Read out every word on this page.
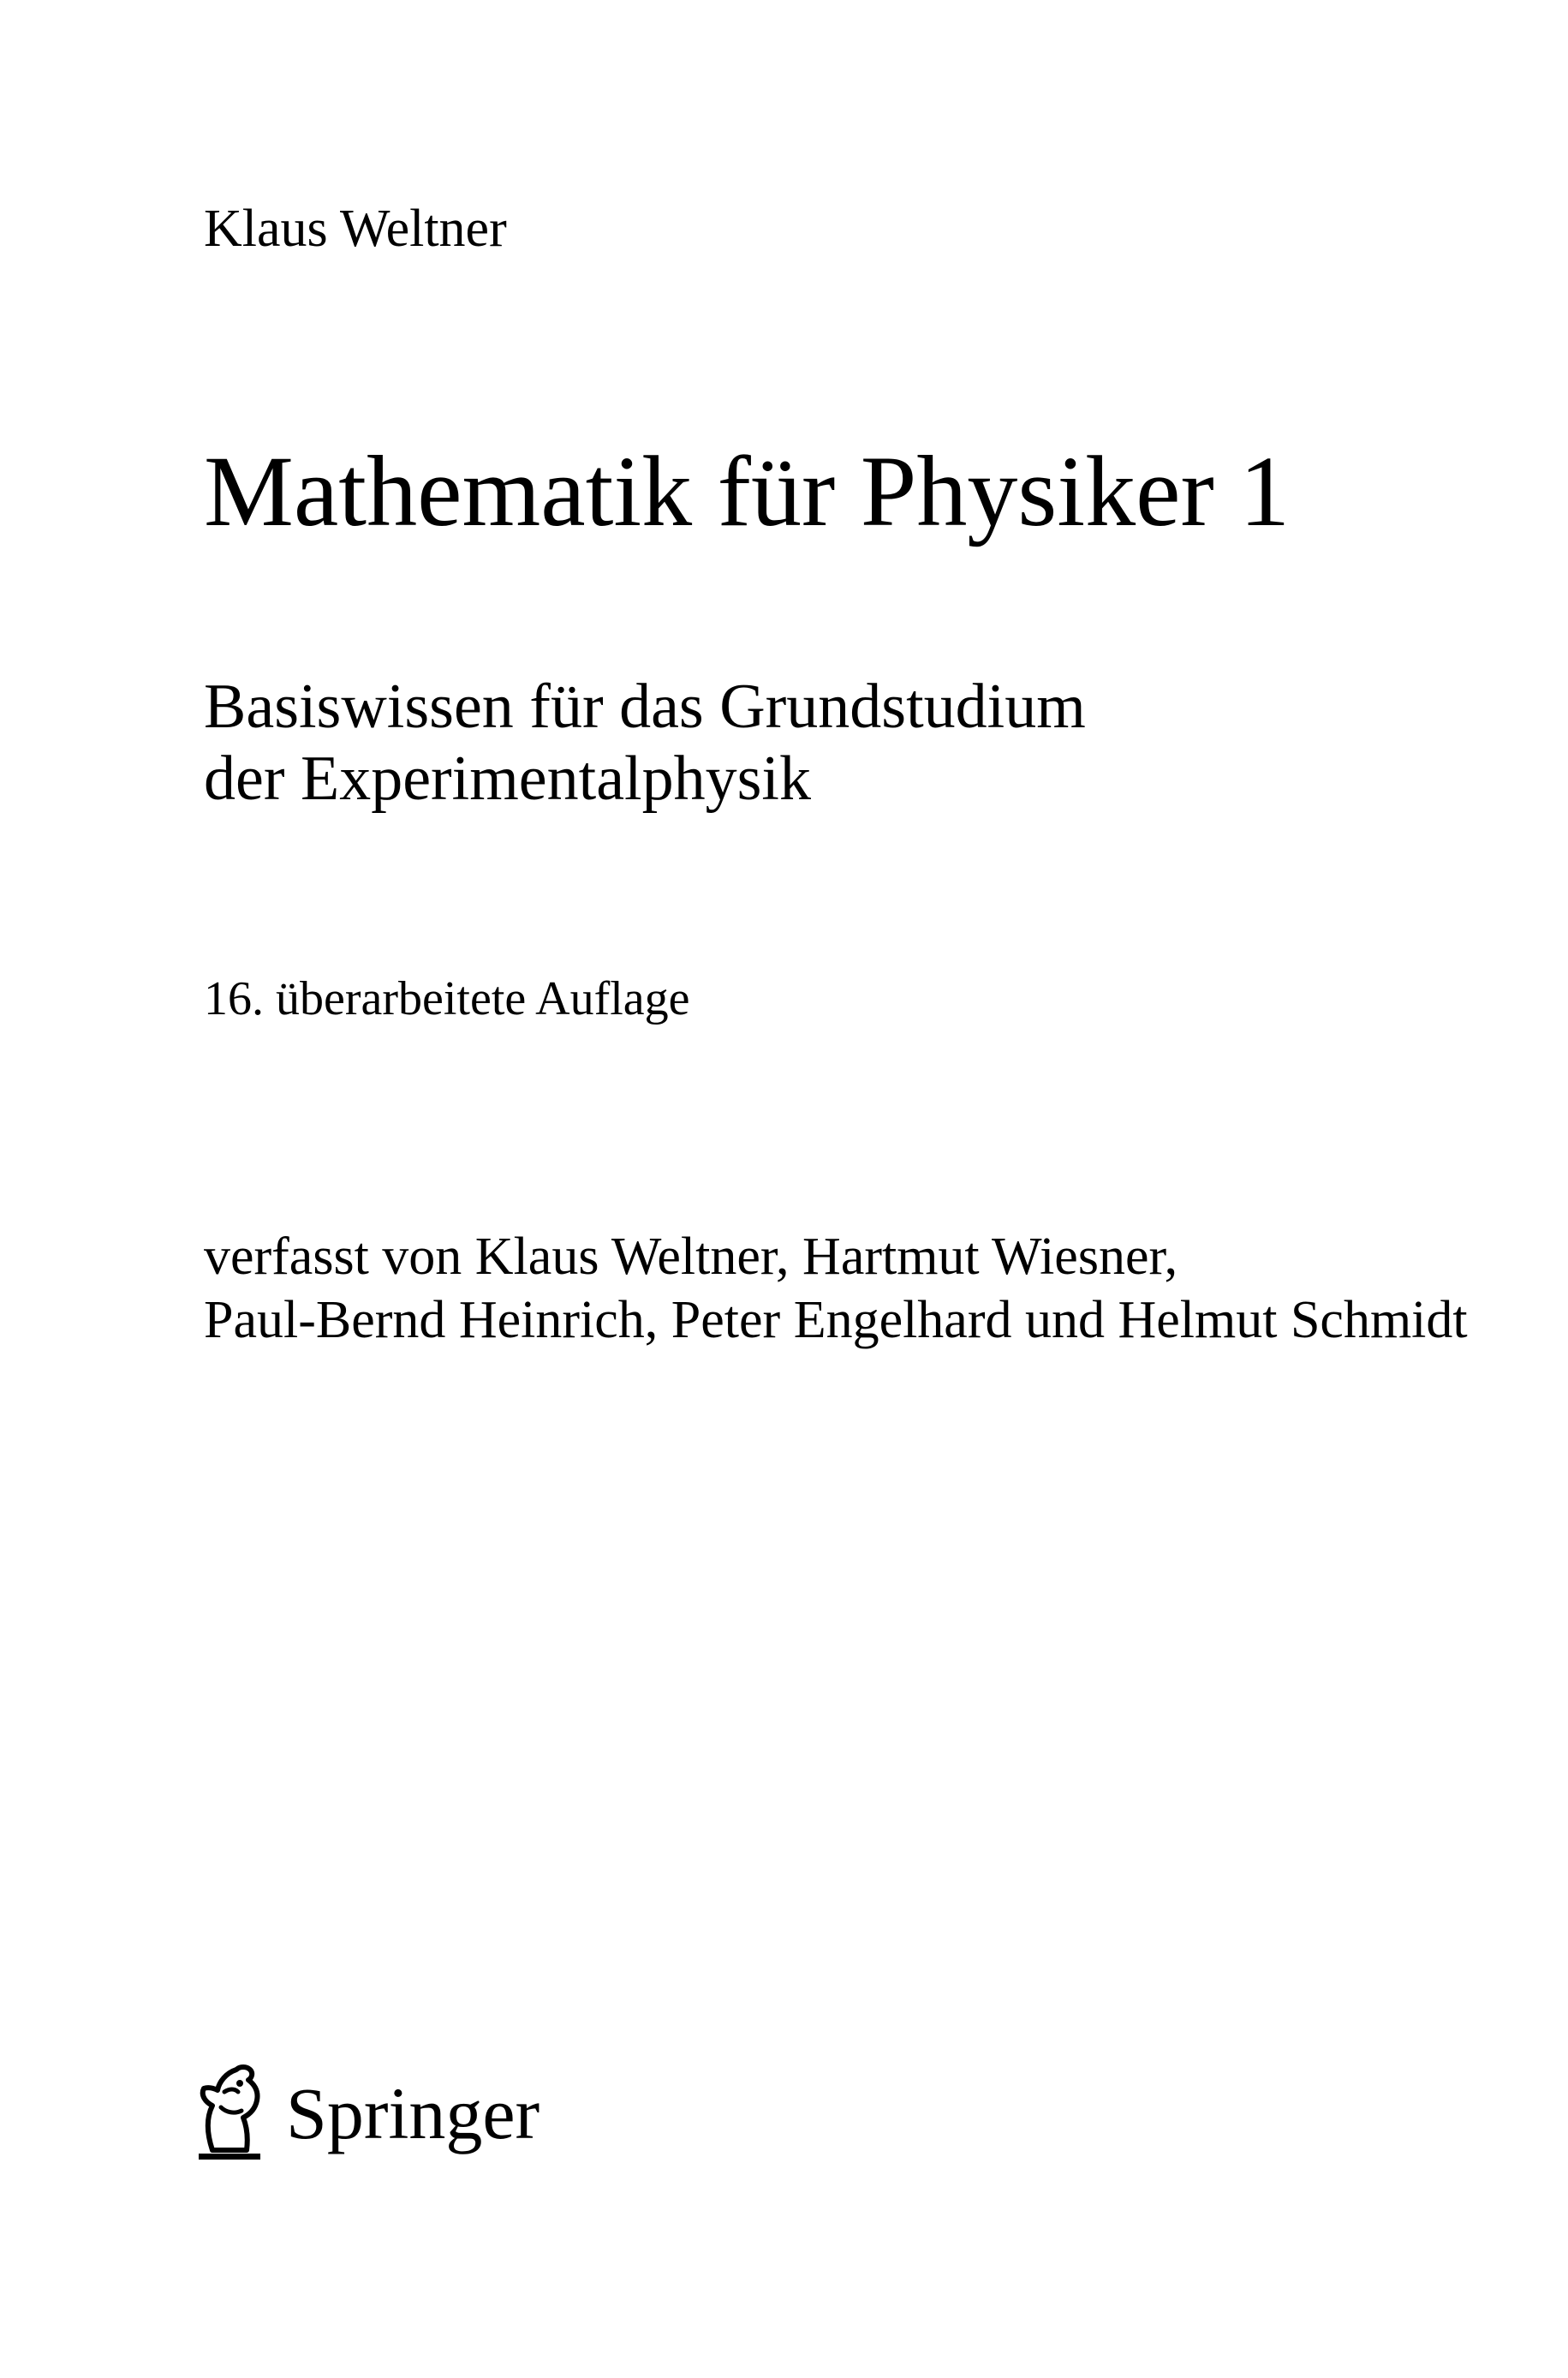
Klaus Weltner
Mathematik für Physiker 1
Basiswissen für das Grundstudium
der Experimentalphysik
16. überarbeitete Auflage
verfasst von Klaus Weltner, Hartmut Wiesner,
Paul-Bernd Heinrich, Peter Engelhard und Helmut Schmidt
Springer
